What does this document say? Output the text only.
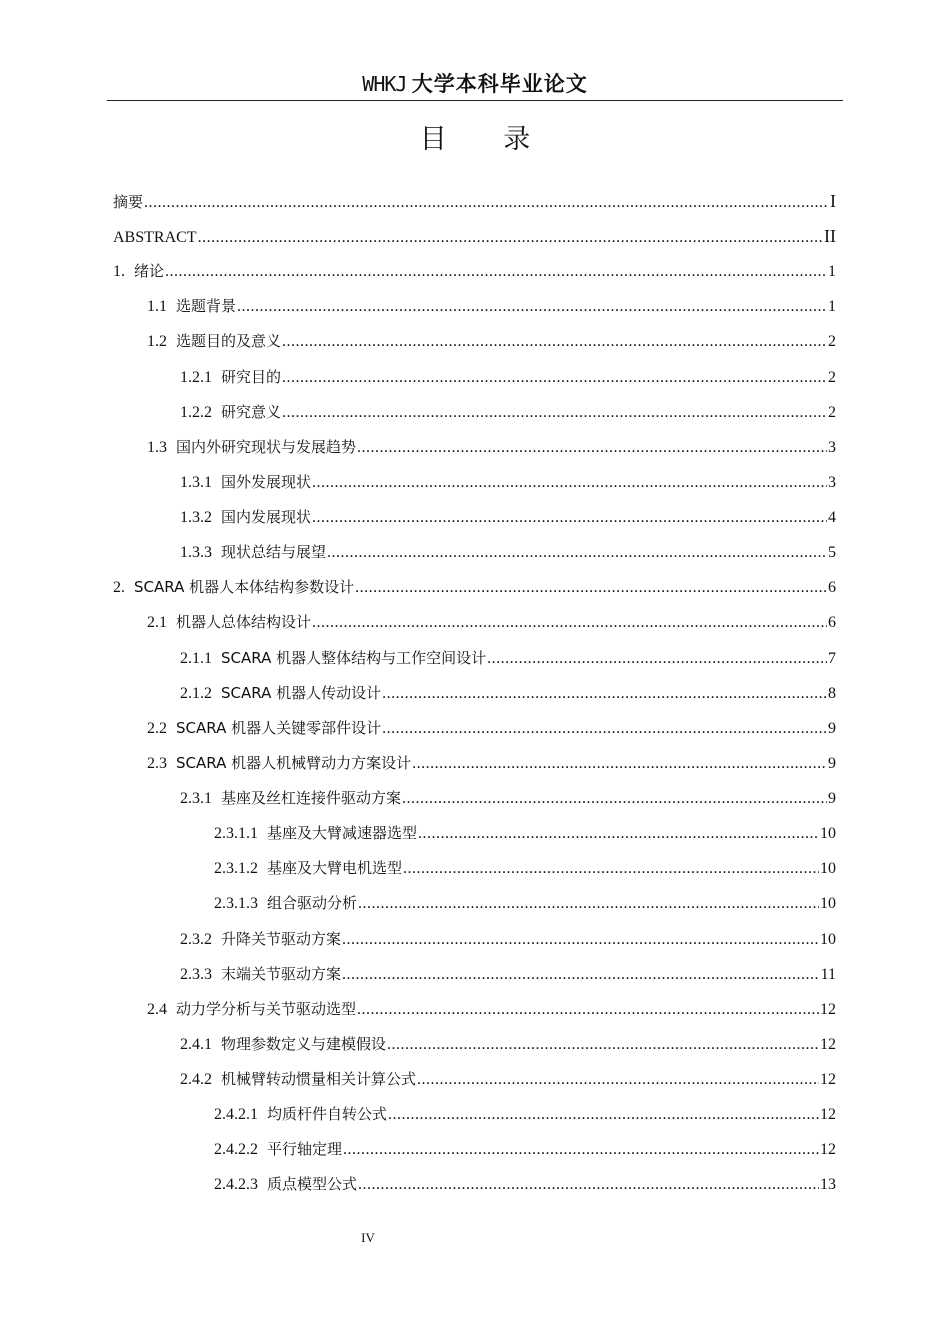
WHKJ 大学本科毕业论文
目 录
摘要 .....	I
ABSTRACT .....	II
1. 绪论 .....	1
1.1 选题背景 .....	1
1.2 选题目的及意义 .....	2
1.2.1 研究目的 .....	2
1.2.2 研究意义 .....	2
1.3 国内外研究现状与发展趋势 .....	3
1.3.1 国外发展现状 .....	3
1.3.2 国内发展现状 .....	4
1.3.3 现状总结与展望 .....	5
2. SCARA 机器人本体结构参数设计 .....	6
2.1 机器人总体结构设计 .....	6
2.1.1 SCARA 机器人整体结构与工作空间设计 .....	7
2.1.2 SCARA 机器人传动设计 .....	8
2.2 SCARA 机器人关键零部件设计 .....	9
2.3 SCARA 机器人机械臂动力方案设计 .....	9
2.3.1 基座及丝杠连接件驱动方案 .....	9
2.3.1.1 基座及大臂减速器选型 .....	10
2.3.1.2 基座及大臂电机选型 .....	10
2.3.1.3 组合驱动分析 .....	10
2.3.2 升降关节驱动方案 .....	10
2.3.3 末端关节驱动方案 .....	11
2.4 动力学分析与关节驱动选型 .....	12
2.4.1 物理参数定义与建模假设 .....	12
2.4.2 机械臂转动惯量相关计算公式 .....	12
2.4.2.1 均质杆件自转公式 .....	12
2.4.2.2 平行轴定理 .....	12
2.4.2.3 质点模型公式 .....	13
IV
